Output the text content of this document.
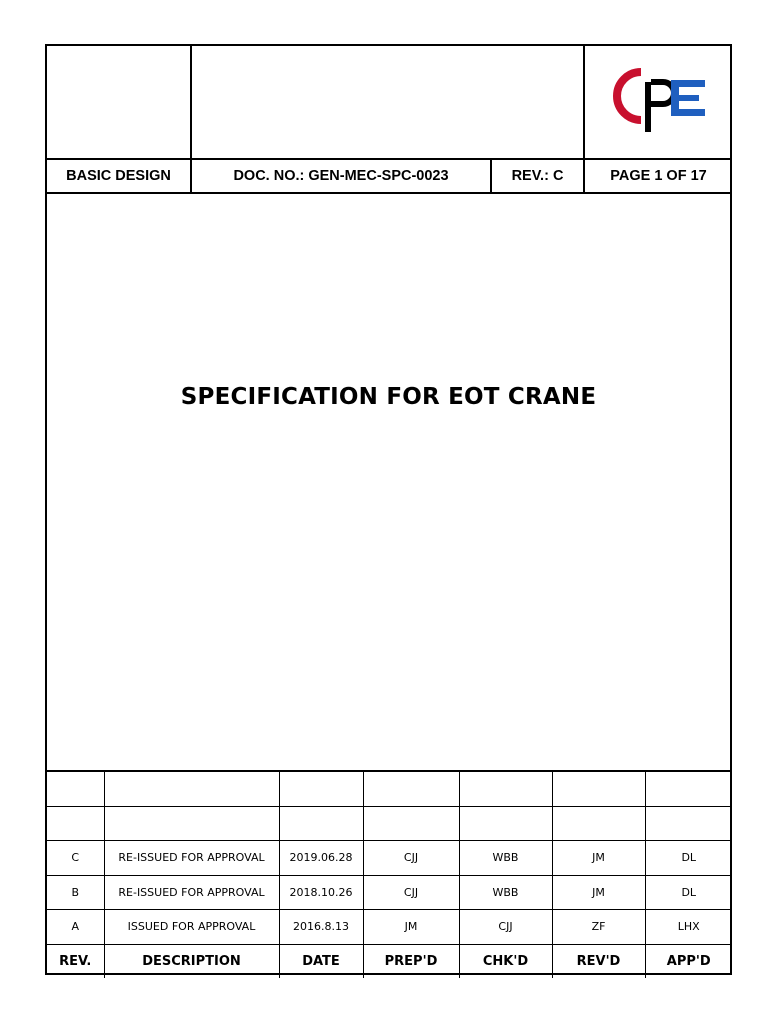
BASIC DESIGN	DOC. NO.: GEN-MEC-SPC-0023	REV.: C	PAGE 1 OF 17
SPECIFICATION FOR EOT CRANE

C	RE-ISSUED FOR APPROVAL	2019.06.28	CJJ	WBB	JM	DL
B	RE-ISSUED FOR APPROVAL	2018.10.26	CJJ	WBB	JM	DL
A	ISSUED FOR APPROVAL	2016.8.13	JM	CJJ	ZF	LHX
REV.	DESCRIPTION	DATE	PREP'D	CHK'D	REV'D	APP'D
